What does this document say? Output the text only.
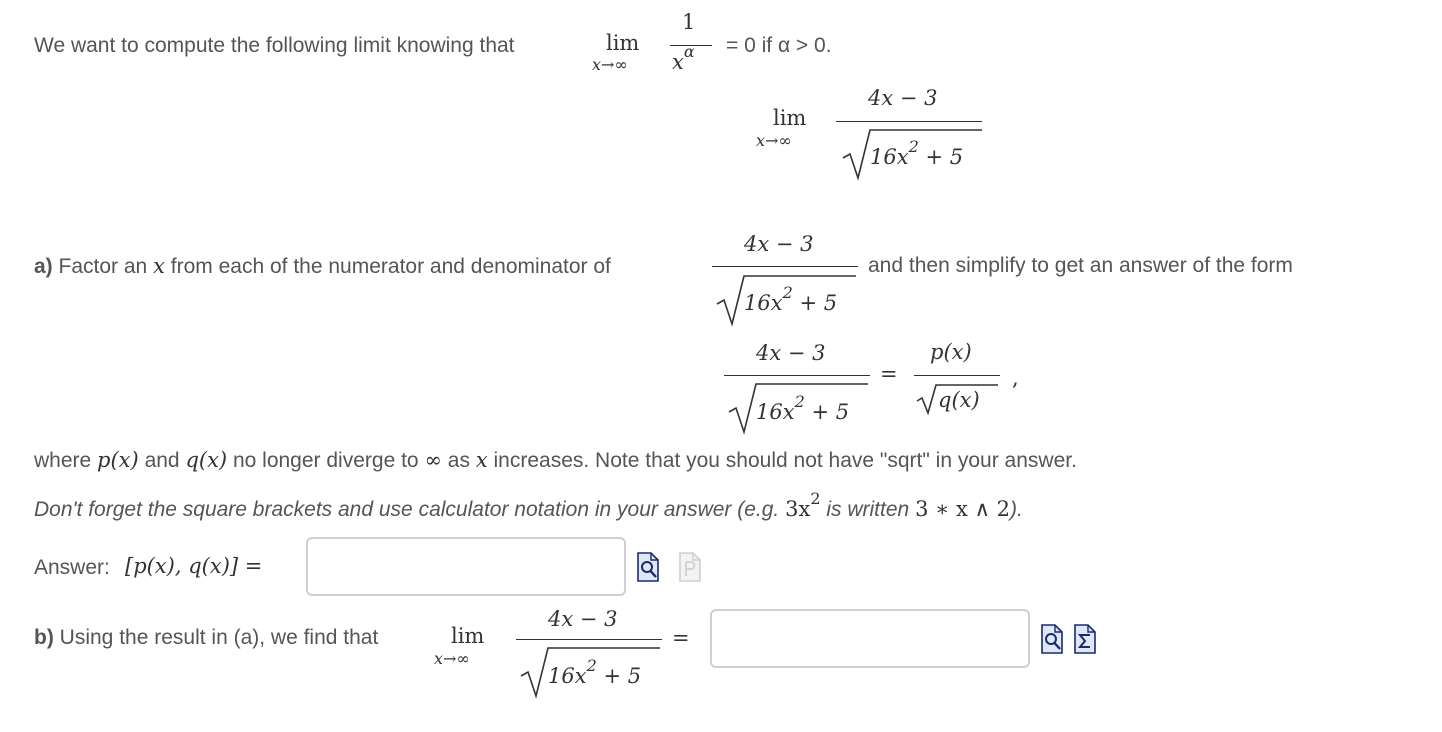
We want to compute the following limit knowing that	lim
x→∞
1
$x^\alpha = 0$ if α > 0.
lim
x→∞
4x − 3
$16x^2 + 5$
a) Factor an x from each of the numerator and denominator of
4x − 3
$16x^2 + 5$
and then simplify to get an answer of the form
4x − 3
$16x^2 + 5$
=
p(x)
q(x)
,
where p(x) and q(x) no longer diverge to ∞ as x increases. Note that you should not have "sqrt" in your answer.
Don't forget the square brackets and use calculator notation in your answer (e.g. $3x^2$ is written 3 ∗ x ∧ 2).
Answer: [p(x), q(x)] =
b) Using the result in (a), we find that	lim
x→∞
4x − 3
$16x^2 + 5$
=
